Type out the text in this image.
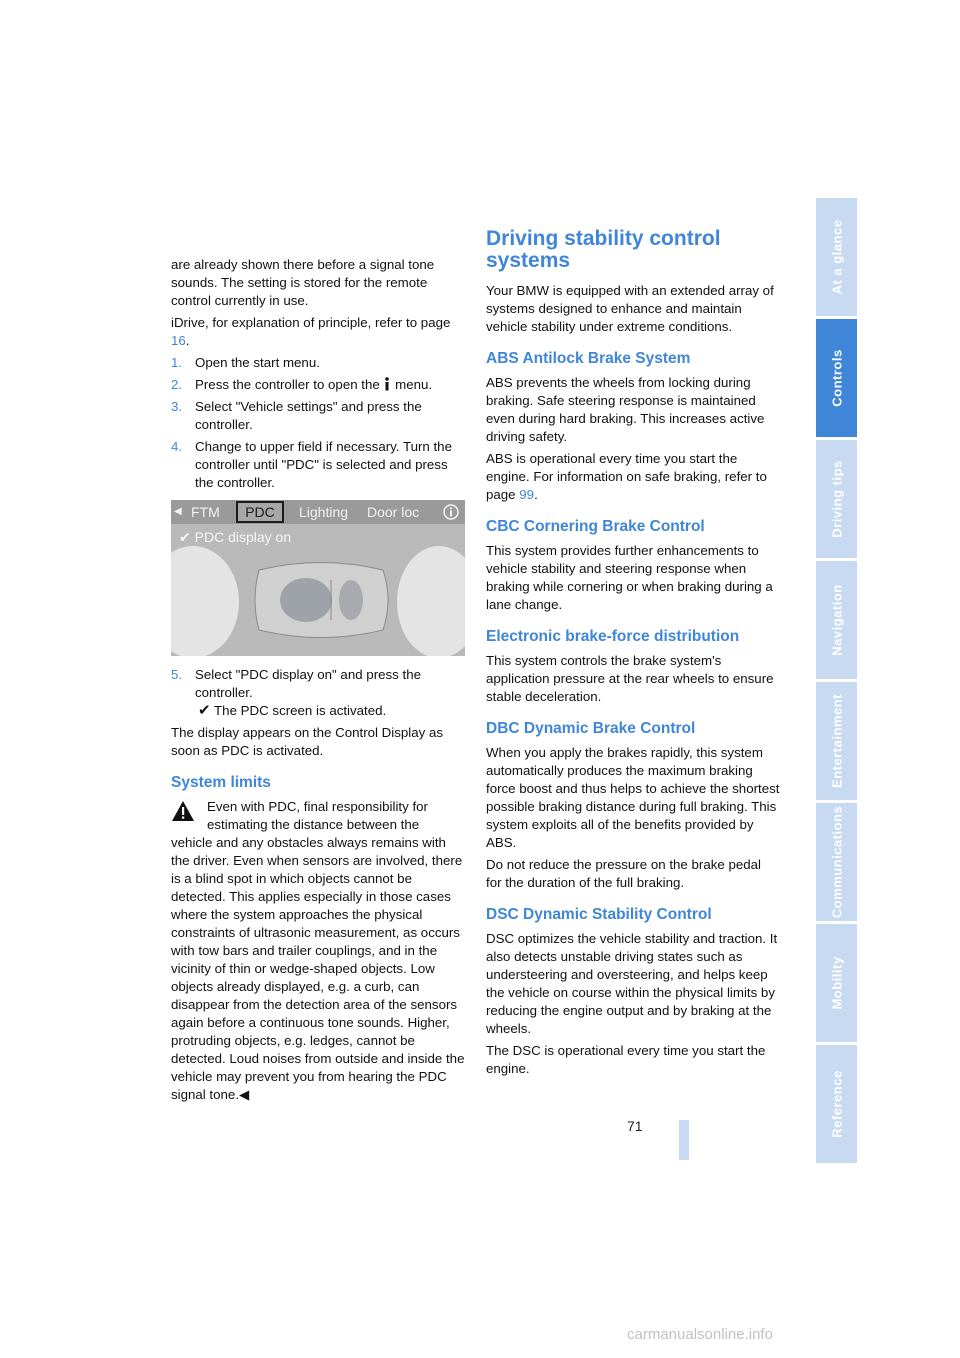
are already shown there before a signal tone sounds. The setting is stored for the remote control currently in use.

iDrive, for explanation of principle, refer to page 16.

1. Open the start menu.
2. Press the controller to open the  menu.
3. Select "Vehicle settings" and press the controller.
4. Change to upper field if necessary. Turn the controller until "PDC" is selected and press the controller.
◀ FTM	PDC	Lighting Door loc
✔ PDC display on
5. Select "PDC display on" and press the controller.

✔ The PDC screen is activated.

The display appears on the Control Display as soon as PDC is activated.

System limits

Even with PDC, final responsibility for estimating the distance between the

vehicle and any obstacles always remains with the driver. Even when sensors are involved, there is a blind spot in which objects cannot be detected. This applies especially in those cases where the system approaches the physical constraints of ultrasonic measurement, as occurs with tow bars and trailer couplings, and in the vicinity of thin or wedge-shaped objects. Low objects already displayed, e.g. a curb, can disappear from the detection area of the sensors again before a continuous tone sounds. Higher, protruding objects, e.g. ledges, cannot be detected. Loud noises from outside and inside the vehicle may prevent you from hearing the PDC signal tone.◀

Driving stability control systems

Your BMW is equipped with an extended array of systems designed to enhance and maintain vehicle stability under extreme conditions.

ABS Antilock Brake System

ABS prevents the wheels from locking during braking. Safe steering response is maintained even during hard braking. This increases active driving safety.

ABS is operational every time you start the engine. For information on safe braking, refer to page 99.

CBC Cornering Brake Control

This system provides further enhancements to vehicle stability and steering response when braking while cornering or when braking during a lane change.

Electronic brake-force distribution

This system controls the brake system's application pressure at the rear wheels to ensure stable deceleration.

DBC Dynamic Brake Control

When you apply the brakes rapidly, this system automatically produces the maximum braking force boost and thus helps to achieve the shortest possible braking distance during full braking. This system exploits all of the benefits provided by ABS.

Do not reduce the pressure on the brake pedal for the duration of the full braking.

DSC Dynamic Stability Control

DSC optimizes the vehicle stability and traction. It also detects unstable driving states such as understeering and oversteering, and helps keep the vehicle on course within the physical limits by reducing the engine output and by braking at the wheels.

The DSC is operational every time you start the engine.

At a glance
Controls
Driving tips
Navigation
Entertainment
Communications
Mobility
Reference
71
carmanualsonline.info
